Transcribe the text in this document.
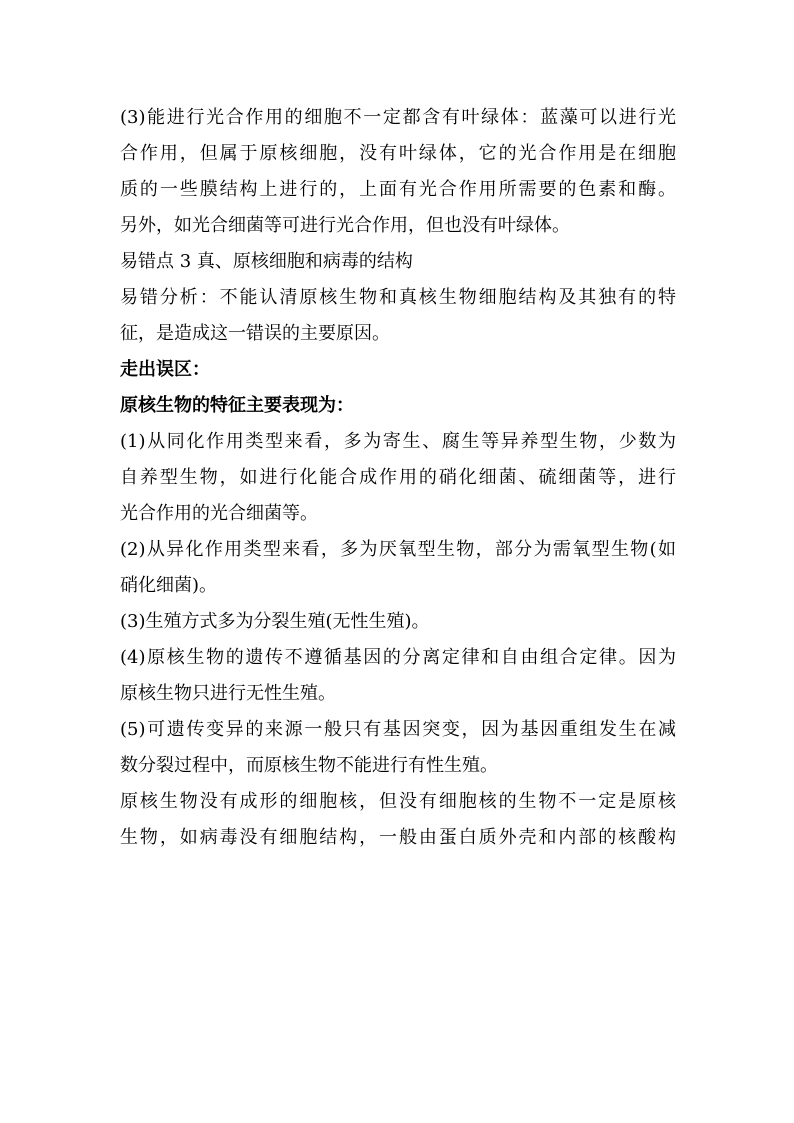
(3)能进行光合作用的细胞不一定都含有叶绿体：蓝藻可以进行光
合作用，但属于原核细胞，没有叶绿体，它的光合作用是在细胞
质的一些膜结构上进行的，上面有光合作用所需要的色素和酶。
另外，如光合细菌等可进行光合作用，但也没有叶绿体。
易错点 3 真、原核细胞和病毒的结构
易错分析：不能认清原核生物和真核生物细胞结构及其独有的特
征，是造成这一错误的主要原因。
走出误区：
原核生物的特征主要表现为：
(1)从同化作用类型来看，多为寄生、腐生等异养型生物，少数为
自养型生物，如进行化能合成作用的硝化细菌、硫细菌等，进行
光合作用的光合细菌等。
(2)从异化作用类型来看，多为厌氧型生物，部分为需氧型生物(如
硝化细菌)。
(3)生殖方式多为分裂生殖(无性生殖)。
(4)原核生物的遗传不遵循基因的分离定律和自由组合定律。因为
原核生物只进行无性生殖。
(5)可遗传变异的来源一般只有基因突变，因为基因重组发生在减
数分裂过程中，而原核生物不能进行有性生殖。
原核生物没有成形的细胞核，但没有细胞核的生物不一定是原核
生物，如病毒没有细胞结构，一般由蛋白质外壳和内部的核酸构
